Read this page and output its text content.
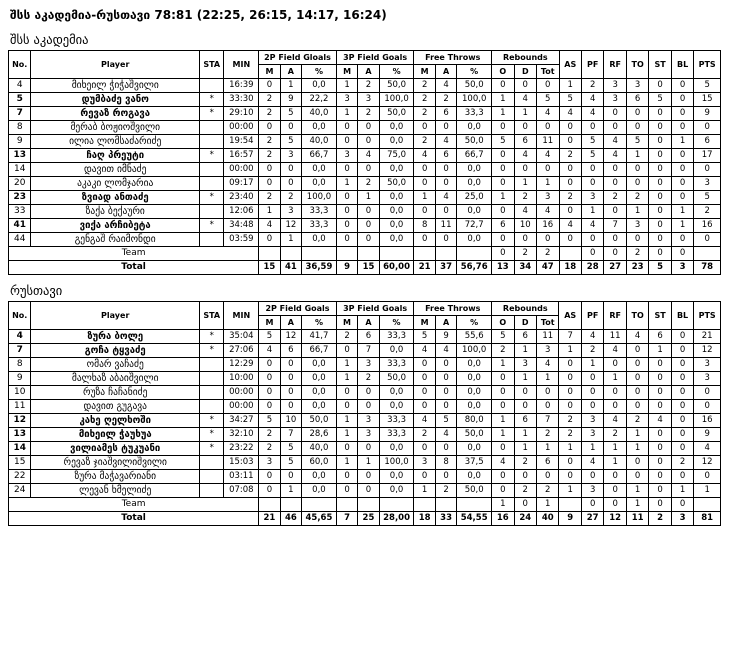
შსს აკადემია-რუსთავი 78:81 (22:25, 26:15, 14:17, 16:24)
შსს აკადემია
No.	Player	STA	MIN	2P Field Gloals			3P Field Goals			Free Throws			Rebounds			AS	PF	RF	TO	ST	BL	PTS
				M	A	%	M	A	%	M	A	%	O	D	Tot							
4	მიხეილ ჭიჭაშვილი		16:39	0	1	0,0	1	2	50,0	2	4	50,0	0	0	0	1	2	3	3	0	0	5
5	დუმბაძე ვანო	*	33:30	2	9	22,2	3	3	100,0	2	2	100,0	1	4	5	5	4	3	6	5	0	15
7	რევაზ როგავა	*	29:10	2	5	40,0	1	2	50,0	2	6	33,3	1	1	4	4	4	0	0	0	0	9
8	მერაბ ბოჟიოშვილი		00:00	0	0	0,0	0	0	0,0	0	0	0,0	0	0	0	0	0	0	0	0	0	0
9	ილია ლომსაძარიძე		19:54	2	5	40,0	0	0	0,0	2	4	50,0	5	6	11	0	5	4	5	0	1	6
13	ჩაღ პრეუტი	*	16:57	2	3	66,7	3	4	75,0	4	6	66,7	0	4	4	2	5	4	1	0	0	17
14	დავით იმნაძე		00:00	0	0	0,0	0	0	0,0	0	0	0,0	0	0	0	0	0	0	0	0	0	0
20	აკაკი ლომჯარია		09:17	0	0	0,0	1	2	50,0	0	0	0,0	0	1	1	0	0	0	0	0	0	3
23	ზვიად ანთაძე	*	23:40	2	2	100,0	0	1	0,0	1	4	25,0	1	2	3	2	3	2	2	0	0	5
33	ზაქა ბექაური		12:06	1	3	33,3	0	0	0,0	0	0	0,0	0	4	4	0	1	0	1	0	1	2
41	ვიქა არჩიბეტა	*	34:48	4	12	33,3	0	0	0,0	8	11	72,7	6	10	16	4	4	7	3	0	1	16
44	გენგაშ რაიმონდი		03:59	0	1	0,0	0	0	0,0	0	0	0,0	0	0	0	0	0	0	0	0	0	0
Team													0	2	2		0	0	2	0	0	
Total				15	41	36,59	9	15	60,00	21	37	56,76	13	34	47	18	28	27	23	5	3	78
რუსთავი
No.	Player	STA	MIN	2P Field Goals			3P Field Goals			Free Throws			Rebounds			AS	PF	RF	TO	ST	BL	PTS
				M	A	%	M	A	%	M	A	%	O	D	Tot							
4	ზურა ბოლე	*	35:04	5	12	41,7	2	6	33,3	5	9	55,6	5	6	11	7	4	11	4	6	0	21
7	გოჩა ტყვაძე	*	27:06	4	6	66,7	0	7	0,0	4	4	100,0	2	1	3	1	2	4	0	1	0	12
8	ომარ ვაჩაძე		12:29	0	0	0,0	1	3	33,3	0	0	0,0	1	3	4	0	1	0	0	0	0	3
9	მალხაზ აბაიშვილი		10:00	0	0	0,0	1	2	50,0	0	0	0,0	0	1	1	0	0	1	0	0	0	3
10	რუზა ჩაჩანიძე		00:00	0	0	0,0	0	0	0,0	0	0	0,0	0	0	0	0	0	0	0	0	0	0
11	დავით გუგავა		00:00	0	0	0,0	0	0	0,0	0	0	0,0	0	0	0	0	0	0	0	0	0	0
12	კახე ღელხოში	*	34:27	5	10	50,0	1	3	33,3	4	5	80,0	1	6	7	2	3	4	2	4	0	16
13	მიხეილ ჭაუხუა	*	32:10	2	7	28,6	1	3	33,3	2	4	50,0	1	1	2	2	3	2	1	0	0	9
14	ვილიამეს ტუკუანი	*	23:22	2	5	40,0	0	0	0,0	0	0	0,0	0	1	1	1	1	1	1	0	0	4
15	რევაზ ჯიაშვილიშვილი		15:03	3	5	60,0	1	1	100,0	3	8	37,5	4	2	6	0	4	1	0	0	2	12
22	ზურა მაჭავარიანი		03:11	0	0	0,0	0	0	0,0	0	0	0,0	0	0	0	0	0	0	0	0	0	0
24	ლევან ხმელიძე		07:08	0	1	0,0	0	0	0,0	1	2	50,0	0	2	2	1	3	0	1	0	1	1
Team													1	0	1		0	0	1	0	0	
Total				21	46	45,65	7	25	28,00	18	33	54,55	16	24	40	9	27	12	11	2	3	81
